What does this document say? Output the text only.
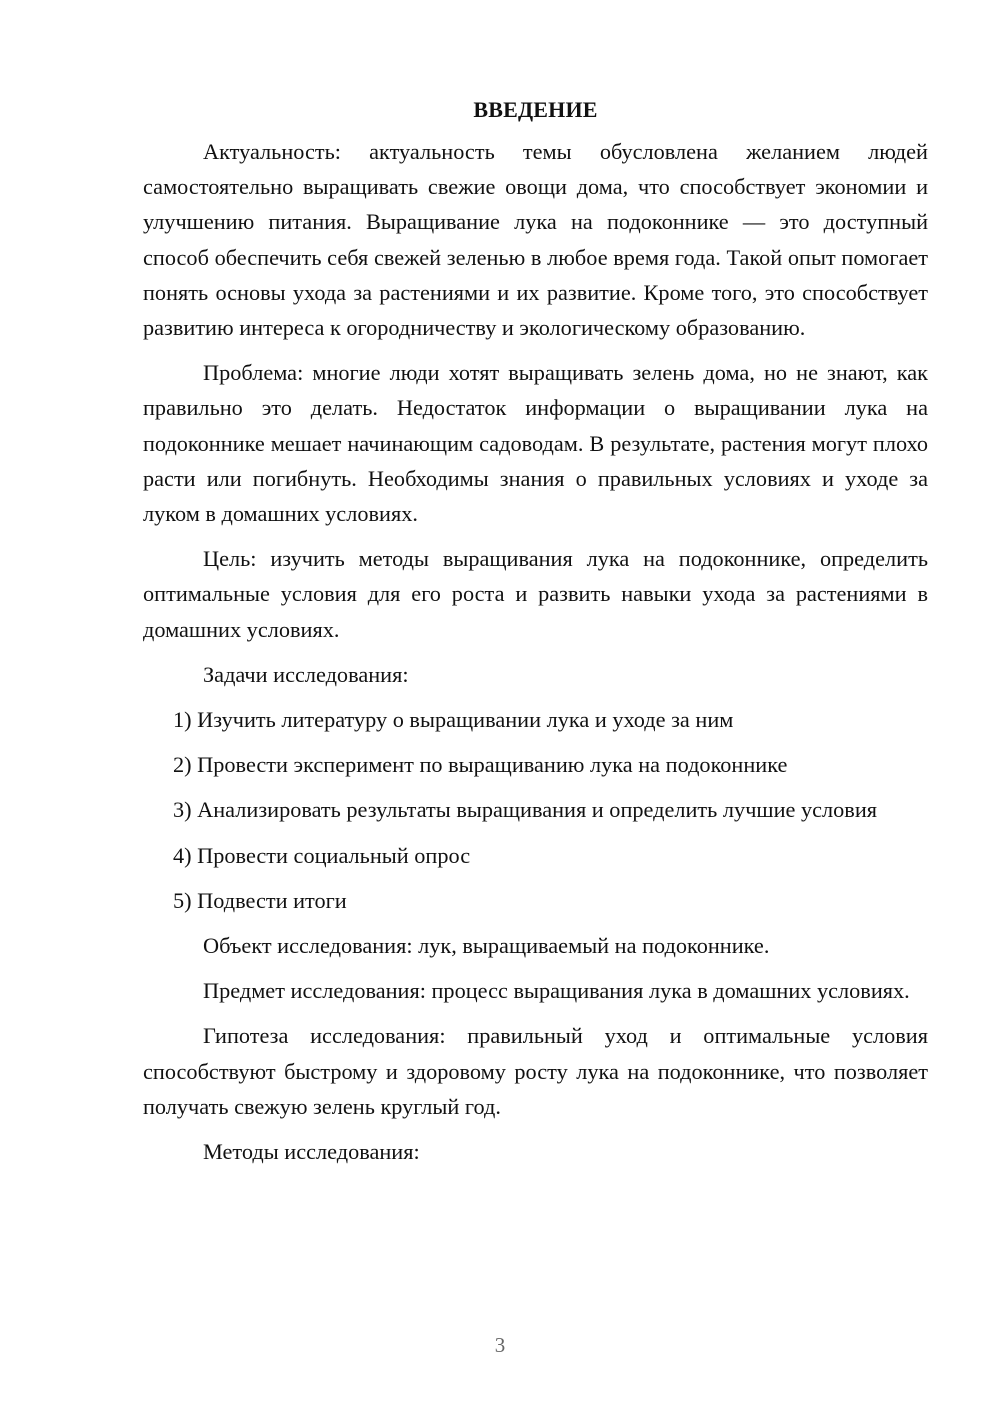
ВВЕДЕНИЕ

Актуальность: актуальность темы обусловлена желанием людей самостоятельно выращивать свежие овощи дома, что способствует экономии и улучшению питания. Выращивание лука на подоконнике — это доступный способ обеспечить себя свежей зеленью в любое время года. Такой опыт помогает понять основы ухода за растениями и их развитие. Кроме того, это способствует развитию интереса к огородничеству и экологическому образованию.

Проблема: многие люди хотят выращивать зелень дома, но не знают, как правильно это делать. Недостаток информации о выращивании лука на подоконнике мешает начинающим садоводам. В результате, растения могут плохо расти или погибнуть. Необходимы знания о правильных условиях и уходе за луком в домашних условиях.

Цель: изучить методы выращивания лука на подоконнике, определить оптимальные условия для его роста и развить навыки ухода за растениями в домашних условиях.

Задачи исследования:

1) Изучить литературу о выращивании лука и уходе за ним

2) Провести эксперимент по выращиванию лука на подоконнике

3) Анализировать результаты выращивания и определить лучшие условия

4) Провести социальный опрос

5) Подвести итоги

Объект исследования: лук, выращиваемый на подоконнике.

Предмет исследования: процесс выращивания лука в домашних условиях.

Гипотеза исследования: правильный уход и оптимальные условия способствуют быстрому и здоровому росту лука на подоконнике, что позволяет получать свежую зелень круглый год.

Методы исследования:

3
